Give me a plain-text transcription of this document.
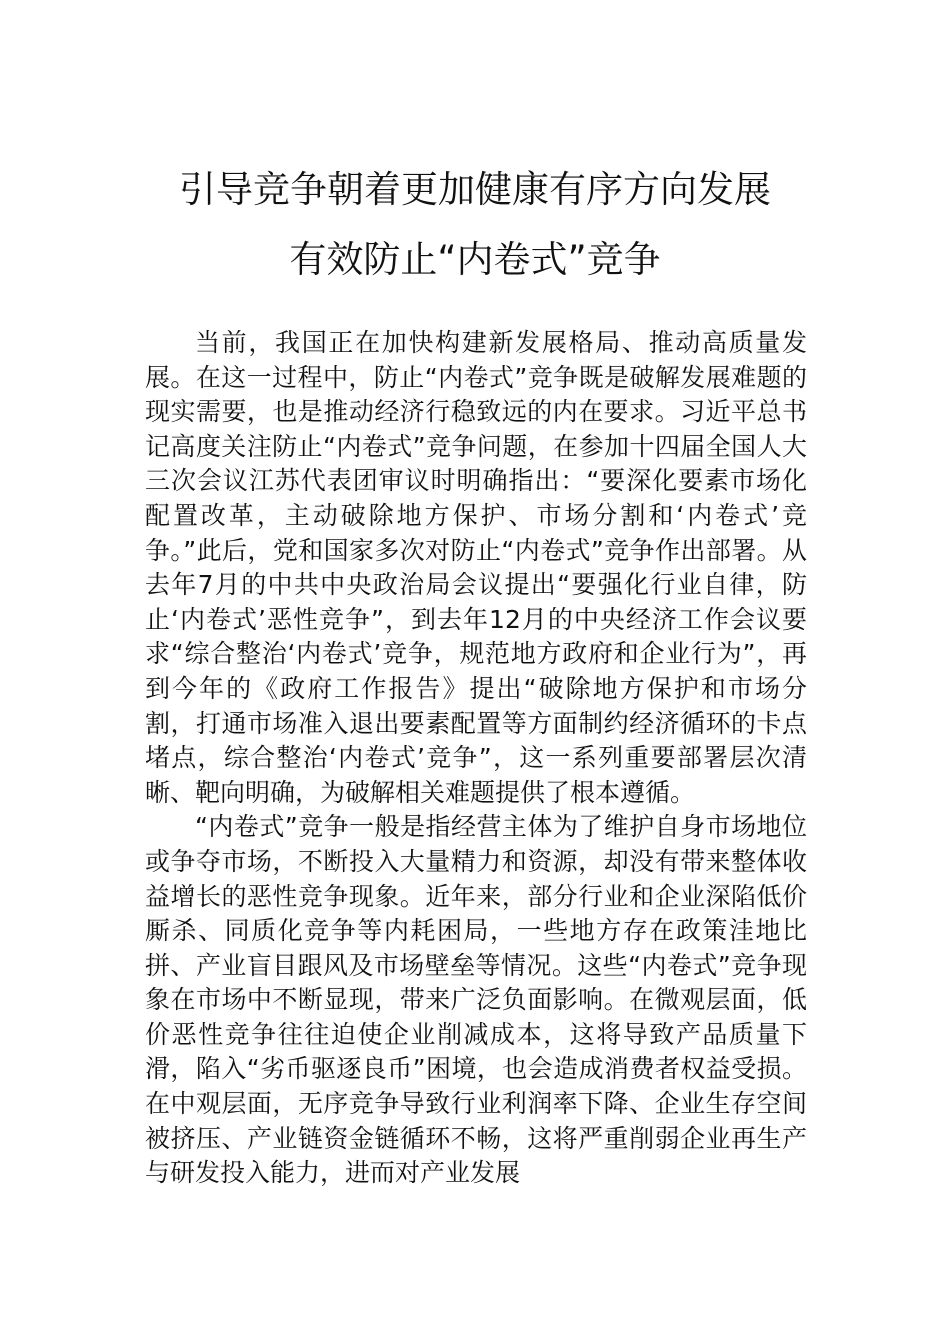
引导竞争朝着更加健康有序方向发展
有效防止“内卷式”竞争

当前，我国正在加快构建新发展格局、推动高质量发展。在这一过程中，防止“内卷式”竞争既是破解发展难题的现实需要，也是推动经济行稳致远的内在要求。习近平总书记高度关注防止“内卷式”竞争问题，在参加十四届全国人大三次会议江苏代表团审议时明确指出：“要深化要素市场化配置改革，主动破除地方保护、市场分割和‘内卷式’竞争。”此后，党和国家多次对防止“内卷式”竞争作出部署。从去年7月的中共中央政治局会议提出“要强化行业自律，防止‘内卷式’恶性竞争”，到去年12月的中央经济工作会议要求“综合整治‘内卷式’竞争，规范地方政府和企业行为”，再到今年的《政府工作报告》提出“破除地方保护和市场分割，打通市场准入退出要素配置等方面制约经济循环的卡点堵点，综合整治‘内卷式’竞争”，这一系列重要部署层次清晰、靶向明确，为破解相关难题提供了根本遵循。

“内卷式”竞争一般是指经营主体为了维护自身市场地位或争夺市场，不断投入大量精力和资源，却没有带来整体收益增长的恶性竞争现象。近年来，部分行业和企业深陷低价厮杀、同质化竞争等内耗困局，一些地方存在政策洼地比拼、产业盲目跟风及市场壁垒等情况。这些“内卷式”竞争现象在市场中不断显现，带来广泛负面影响。在微观层面，低价恶性竞争往往迫使企业削减成本，这将导致产品质量下滑，陷入“劣币驱逐良币”困境，也会造成消费者权益受损。在中观层面，无序竞争导致行业利润率下降、企业生存空间被挤压、产业链资金链循环不畅，这将严重削弱企业再生产与研发投入能力，进而对产业发展
